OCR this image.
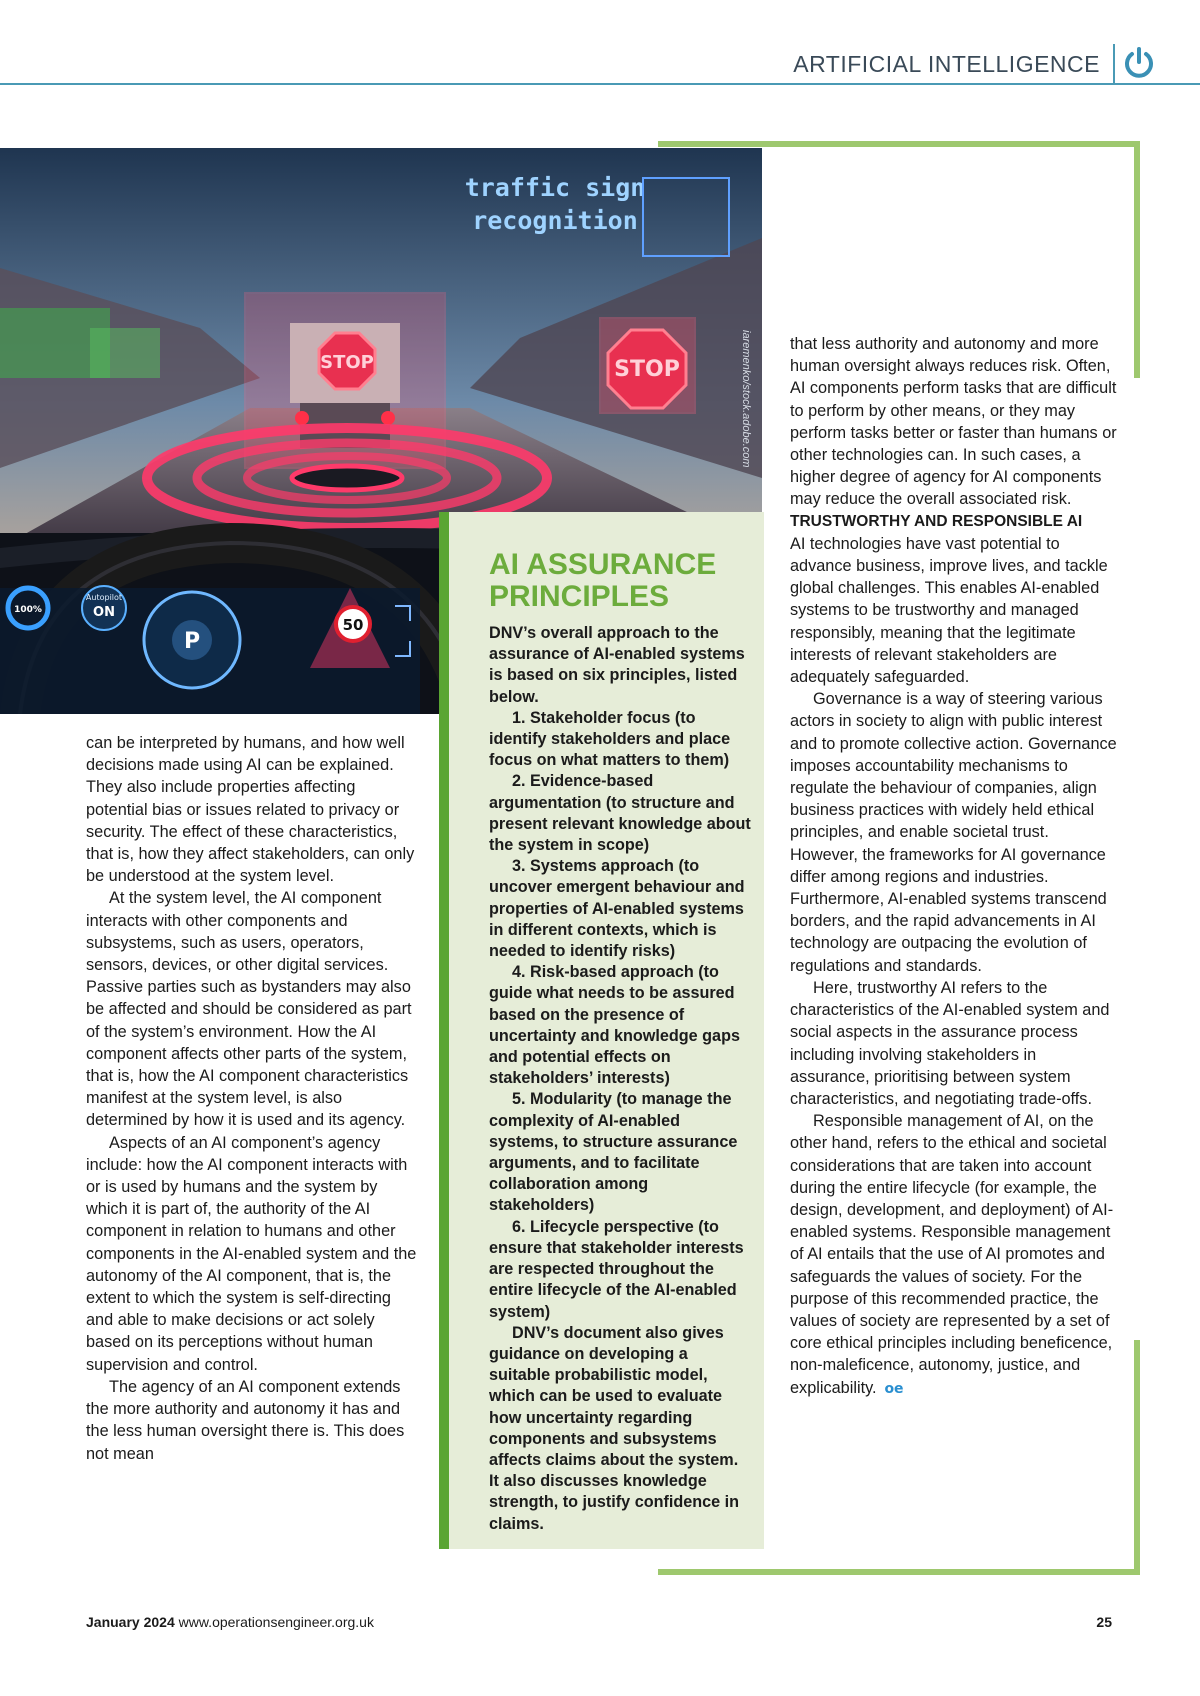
ARTIFICIAL INTELLIGENCE
STOP	STOP
traffic sign
recognition
100%
Autopilot
ON
P
50
iaremenko/stock.adobe.com

can be interpreted by humans, and how well decisions made using AI can be explained. They also include properties affecting potential bias or issues related to privacy or security. The effect of these characteristics, that is, how they affect stakeholders, can only be understood at the system level.

At the system level, the AI component interacts with other components and subsystems, such as users, operators, sensors, devices, or other digital services. Passive parties such as bystanders may also be affected and should be considered as part of the system’s environment. How the AI component affects other parts of the system, that is, how the AI component characteristics manifest at the system level, is also determined by how it is used and its agency.

Aspects of an AI component’s agency include: how the AI component interacts with or is used by humans and the system by which it is part of, the authority of the AI component in relation to humans and other components in the AI-enabled system and the autonomy of the AI component, that is, the extent to which the system is self-directing and able to make decisions or act solely based on its perceptions without human supervision and control.

The agency of an AI component extends the more authority and autonomy it has and the less human oversight there is. This does not mean

AI ASSURANCE PRINCIPLES

DNV’s overall approach to the assurance of AI-enabled systems is based on six principles, listed below.

1. Stakeholder focus (to identify stakeholders and place focus on what matters to them)

2. Evidence-based argumentation (to structure and present relevant knowledge about the system in scope)

3. Systems approach (to uncover emergent behaviour and properties of AI-enabled systems in different contexts, which is needed to identify risks)

4. Risk-based approach (to guide what needs to be assured based on the presence of uncertainty and knowledge gaps and potential effects on stakeholders’ interests)

5. Modularity (to manage the complexity of AI-enabled systems, to structure assurance arguments, and to facilitate collaboration among stakeholders)

6. Lifecycle perspective (to ensure that stakeholder interests are respected throughout the entire lifecycle of the AI-enabled system)

DNV’s document also gives guidance on developing a suitable probabilistic model, which can be used to evaluate how uncertainty regarding components and subsystems affects claims about the system. It also discusses knowledge strength, to justify confidence in claims.

that less authority and autonomy and more human oversight always reduces risk. Often, AI components perform tasks that are difficult to perform by other means, or they may perform tasks better or faster than humans or other technologies can. In such cases, a higher degree of agency for AI components may reduce the overall associated risk.

TRUSTWORTHY AND RESPONSIBLE AI

AI technologies have vast potential to advance business, improve lives, and tackle global challenges. This enables AI-enabled systems to be trustworthy and managed responsibly, meaning that the legitimate interests of relevant stakeholders are adequately safeguarded.

Governance is a way of steering various actors in society to align with public interest and to promote collective action. Governance imposes accountability mechanisms to regulate the behaviour of companies, align business practices with widely held ethical principles, and enable societal trust. However, the frameworks for AI governance differ among regions and industries. Furthermore, AI-enabled systems transcend borders, and the rapid advancements in AI technology are outpacing the evolution of regulations and standards.

Here, trustworthy AI refers to the characteristics of the AI-enabled system and social aspects in the assurance process including involving stakeholders in assurance, prioritising between system characteristics, and negotiating trade-offs.

Responsible management of AI, on the other hand, refers to the ethical and societal considerations that are taken into account during the entire lifecycle (for example, the design, development, and deployment) of AI-enabled systems. Responsible management of AI entails that the use of AI promotes and safeguards the values of society. For the purpose of this recommended practice, the values of society are represented by a set of core ethical principles including beneficence, non-maleficence, autonomy, justice, and explicability. oe

January 2024 www.operationsengineer.org.uk	25
